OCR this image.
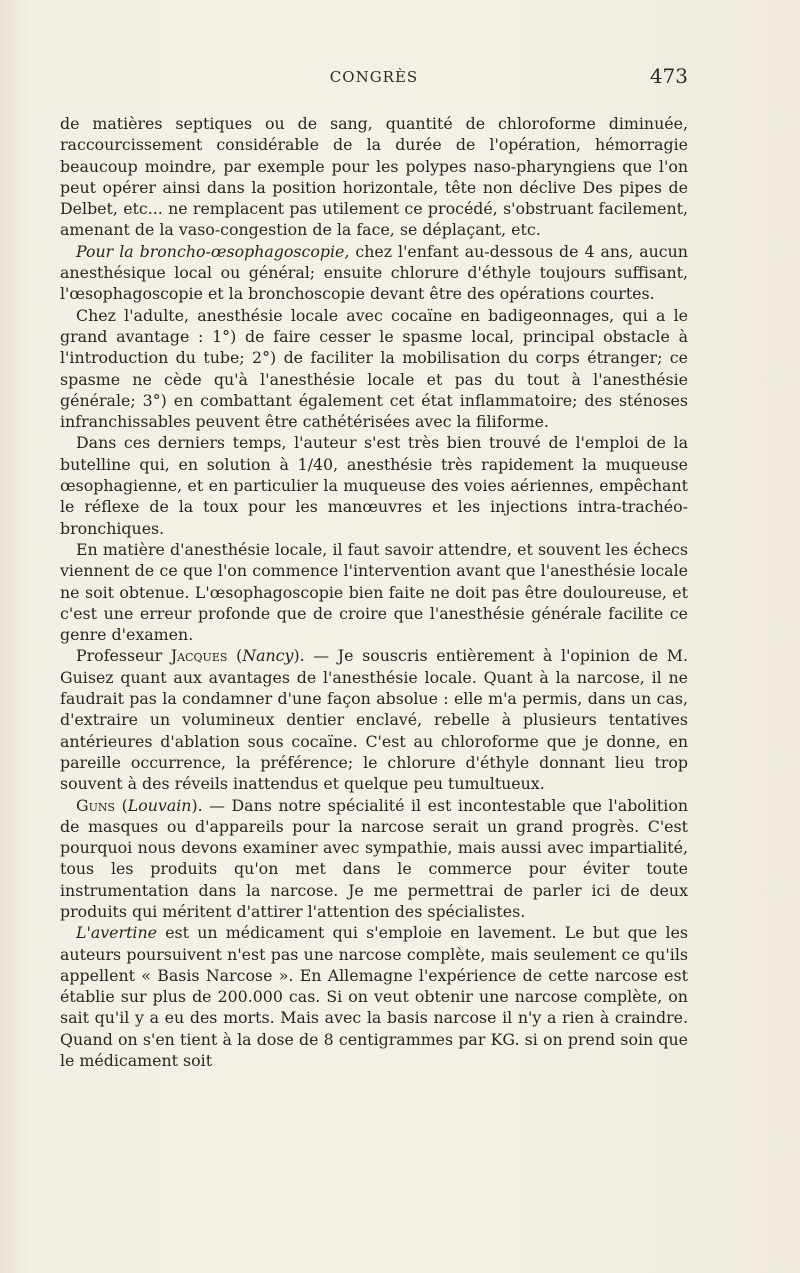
CONGRÈS	473

de matières septiques ou de sang, quantité de chloroforme diminuée, raccourcissement considérable de la durée de l'opération, hémorragie beaucoup moindre, par exemple pour les polypes naso-pharyngiens que l'on peut opérer ainsi dans la position horizontale, tête non déclive Des pipes de Delbet, etc... ne remplacent pas utilement ce procédé, s'obstruant facilement, amenant de la vaso-congestion de la face, se déplaçant, etc.

Pour la broncho-œsophagoscopie, chez l'enfant au-dessous de 4 ans, aucun anesthésique local ou général; ensuite chlorure d'éthyle toujours suffisant, l'œsophagoscopie et la bronchoscopie devant être des opérations courtes.

Chez l'adulte, anesthésie locale avec cocaïne en badigeonnages, qui a le grand avantage : 1°) de faire cesser le spasme local, principal obstacle à l'introduction du tube; 2°) de faciliter la mobilisation du corps étranger; ce spasme ne cède qu'à l'anesthésie locale et pas du tout à l'anesthésie générale; 3°) en combattant également cet état inflammatoire; des sténoses infranchissables peuvent être cathétérisées avec la filiforme.

Dans ces derniers temps, l'auteur s'est très bien trouvé de l'emploi de la butelline qui, en solution à 1/40, anesthésie très rapidement la muqueuse œsophagienne, et en particulier la muqueuse des voies aériennes, empêchant le réflexe de la toux pour les manœuvres et les injections intra-trachéo-bronchiques.

En matière d'anesthésie locale, il faut savoir attendre, et souvent les échecs viennent de ce que l'on commence l'intervention avant que l'anesthésie locale ne soit obtenue. L'œsophagoscopie bien faite ne doit pas être douloureuse, et c'est une erreur profonde que de croire que l'anesthésie générale facilite ce genre d'examen.

Professeur Jacques (Nancy). — Je souscris entièrement à l'opinion de M. Guisez quant aux avantages de l'anesthésie locale. Quant à la narcose, il ne faudrait pas la condamner d'une façon absolue : elle m'a permis, dans un cas, d'extraire un volumineux dentier enclavé, rebelle à plusieurs tentatives antérieures d'ablation sous cocaïne. C'est au chloroforme que je donne, en pareille occurrence, la préférence; le chlorure d'éthyle donnant lieu trop souvent à des réveils inattendus et quelque peu tumultueux.

Guns (Louvain). — Dans notre spécialité il est incontestable que l'abolition de masques ou d'appareils pour la narcose serait un grand progrès. C'est pourquoi nous devons examiner avec sympathie, mais aussi avec impartialité, tous les produits qu'on met dans le commerce pour éviter toute instrumentation dans la narcose. Je me permettrai de parler ici de deux produits qui méritent d'attirer l'attention des spécialistes.

L'avertine est un médicament qui s'emploie en lavement. Le but que les auteurs poursuivent n'est pas une narcose complète, mais seulement ce qu'ils appellent « Basis Narcose ». En Allemagne l'expérience de cette narcose est établie sur plus de 200.000 cas. Si on veut obtenir une narcose complète, on sait qu'il y a eu des morts. Mais avec la basis narcose il n'y a rien à craindre. Quand on s'en tient à la dose de 8 centigrammes par KG. si on prend soin que le médicament soit
